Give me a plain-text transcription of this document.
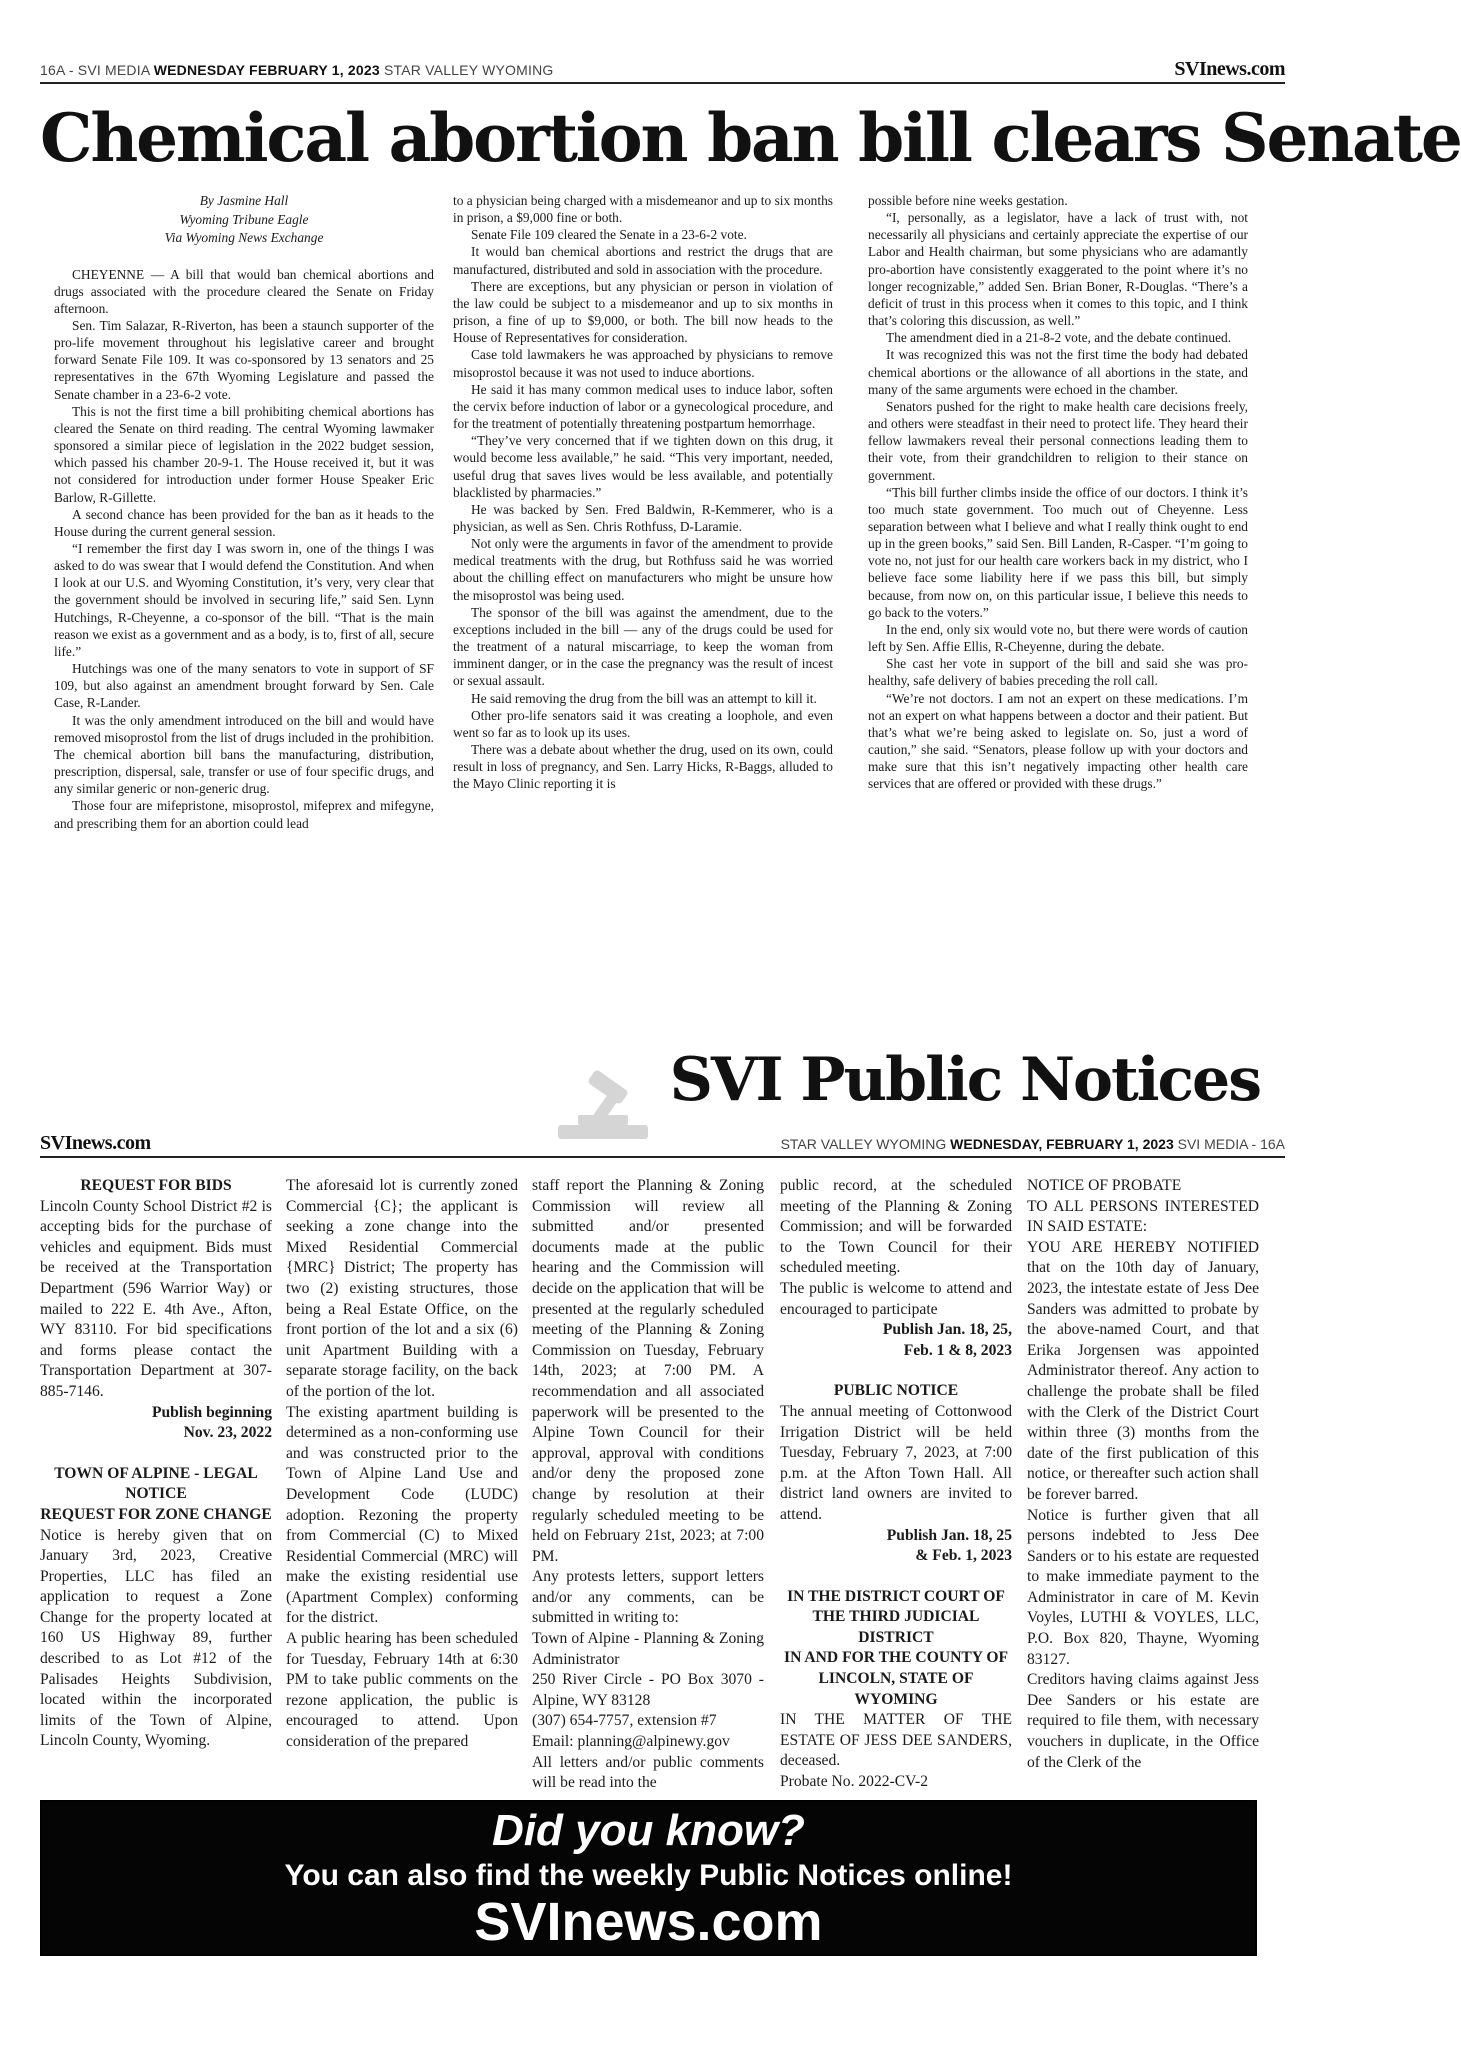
16A - SVI MEDIA WEDNESDAY FEBRUARY 1, 2023 STAR VALLEY WYOMING	SVInews.com
Chemical abortion ban bill clears Senate
By Jasmine Hall
Wyoming Tribune Eagle
Via Wyoming News Exchange

CHEYENNE — A bill that would ban chemical abortions and drugs associated with the procedure cleared the Senate on Friday afternoon.

Sen. Tim Salazar, R-Riverton, has been a staunch supporter of the pro-life movement throughout his legislative career and brought forward Senate File 109. It was co-sponsored by 13 senators and 25 representatives in the 67th Wyoming Legislature and passed the Senate chamber in a 23-6-2 vote.

This is not the first time a bill prohibiting chemical abortions has cleared the Senate on third reading. The central Wyoming lawmaker sponsored a similar piece of legislation in the 2022 budget session, which passed his chamber 20-9-1. The House received it, but it was not considered for introduction under former House Speaker Eric Barlow, R-Gillette.

A second chance has been provided for the ban as it heads to the House during the current general session.

“I remember the first day I was sworn in, one of the things I was asked to do was swear that I would defend the Constitution. And when I look at our U.S. and Wyoming Constitution, it’s very, very clear that the government should be involved in securing life,” said Sen. Lynn Hutchings, R-Cheyenne, a co-sponsor of the bill. “That is the main reason we exist as a government and as a body, is to, first of all, secure life.”

Hutchings was one of the many senators to vote in support of SF 109, but also against an amendment brought forward by Sen. Cale Case, R-Lander.

It was the only amendment introduced on the bill and would have removed misoprostol from the list of drugs included in the prohibition. The chemical abortion bill bans the manufacturing, distribution, prescription, dispersal, sale, transfer or use of four specific drugs, and any similar generic or non-generic drug.

Those four are mifepristone, misoprostol, mifeprex and mifegyne, and prescribing them for an abortion could lead

to a physician being charged with a misdemeanor and up to six months in prison, a $9,000 fine or both.

Senate File 109 cleared the Senate in a 23-6-2 vote.

It would ban chemical abortions and restrict the drugs that are manufactured, distributed and sold in association with the procedure.

There are exceptions, but any physician or person in violation of the law could be subject to a misdemeanor and up to six months in prison, a fine of up to $9,000, or both. The bill now heads to the House of Representatives for consideration.

Case told lawmakers he was approached by physicians to remove misoprostol because it was not used to induce abortions.

He said it has many common medical uses to induce labor, soften the cervix before induction of labor or a gynecological procedure, and for the treatment of potentially threatening postpartum hemorrhage.

“They’ve very concerned that if we tighten down on this drug, it would become less available,” he said. “This very important, needed, useful drug that saves lives would be less available, and potentially blacklisted by pharmacies.”

He was backed by Sen. Fred Baldwin, R-Kemmerer, who is a physician, as well as Sen. Chris Rothfuss, D-Laramie.

Not only were the arguments in favor of the amendment to provide medical treatments with the drug, but Rothfuss said he was worried about the chilling effect on manufacturers who might be unsure how the misoprostol was being used.

The sponsor of the bill was against the amendment, due to the exceptions included in the bill — any of the drugs could be used for the treatment of a natural miscarriage, to keep the woman from imminent danger, or in the case the pregnancy was the result of incest or sexual assault.

He said removing the drug from the bill was an attempt to kill it.

Other pro-life senators said it was creating a loophole, and even went so far as to look up its uses.

There was a debate about whether the drug, used on its own, could result in loss of pregnancy, and Sen. Larry Hicks, R-Baggs, alluded to the Mayo Clinic reporting it is

possible before nine weeks gestation.

“I, personally, as a legislator, have a lack of trust with, not necessarily all physicians and certainly appreciate the expertise of our Labor and Health chairman, but some physicians who are adamantly pro-abortion have consistently exaggerated to the point where it’s no longer recognizable,” added Sen. Brian Boner, R-Douglas. “There’s a deficit of trust in this process when it comes to this topic, and I think that’s coloring this discussion, as well.”

The amendment died in a 21-8-2 vote, and the debate continued.

It was recognized this was not the first time the body had debated chemical abortions or the allowance of all abortions in the state, and many of the same arguments were echoed in the chamber.

Senators pushed for the right to make health care decisions freely, and others were steadfast in their need to protect life. They heard their fellow lawmakers reveal their personal connections leading them to their vote, from their grandchildren to religion to their stance on government.

“This bill further climbs inside the office of our doctors. I think it’s too much state government. Too much out of Cheyenne. Less separation between what I believe and what I really think ought to end up in the green books,” said Sen. Bill Landen, R-Casper. “I’m going to vote no, not just for our health care workers back in my district, who I believe face some liability here if we pass this bill, but simply because, from now on, on this particular issue, I believe this needs to go back to the voters.”

In the end, only six would vote no, but there were words of caution left by Sen. Affie Ellis, R-Cheyenne, during the debate.

She cast her vote in support of the bill and said she was pro-healthy, safe delivery of babies preceding the roll call.

“We’re not doctors. I am not an expert on these medications. I’m not an expert on what happens between a doctor and their patient. But that’s what we’re being asked to legislate on. So, just a word of caution,” she said. “Senators, please follow up with your doctors and make sure that this isn’t negatively impacting other health care services that are offered or provided with these drugs.”

SVI Public Notices
SVInews.com	STAR VALLEY WYOMING WEDNESDAY, FEBRUARY 1, 2023 SVI MEDIA - 16A

REQUEST FOR BIDS

Lincoln County School District #2 is accepting bids for the purchase of vehicles and equipment. Bids must be received at the Transportation Department (596 Warrior Way) or mailed to 222 E. 4th Ave., Afton, WY 83110. For bid specifications and forms please contact the Transportation Department at 307-885-7146.

Publish beginning

Nov. 23, 2022

TOWN OF ALPINE - LEGAL NOTICE

REQUEST FOR ZONE CHANGE

Notice is hereby given that on January 3rd, 2023, Creative Properties, LLC has filed an application to request a Zone Change for the property located at 160 US Highway 89, further described to as Lot #12 of the Palisades Heights Subdivision, located within the incorporated limits of the Town of Alpine, Lincoln County, Wyoming.

The aforesaid lot is currently zoned Commercial {C}; the applicant is seeking a zone change into the Mixed Residential Commercial {MRC} District; The property has two (2) existing structures, those being a Real Estate Office, on the front portion of the lot and a six (6) unit Apartment Building with a separate storage facility, on the back of the portion of the lot.

The existing apartment building is determined as a non-conforming use and was constructed prior to the Town of Alpine Land Use and Development Code (LUDC) adoption. Rezoning the property from Commercial (C) to Mixed Residential Commercial (MRC) will make the existing residential use (Apartment Complex) conforming for the district.

A public hearing has been scheduled for Tuesday, February 14th at 6:30 PM to take public comments on the rezone application, the public is encouraged to attend. Upon consideration of the prepared

staff report the Planning & Zoning Commission will review all submitted and/or presented documents made at the public hearing and the Commission will decide on the application that will be presented at the regularly scheduled meeting of the Planning & Zoning Commission on Tuesday, February 14th, 2023; at 7:00 PM. A recommendation and all associated paperwork will be presented to the Alpine Town Council for their approval, approval with conditions and/or deny the proposed zone change by resolution at their regularly scheduled meeting to be held on February 21st, 2023; at 7:00 PM.

Any protests letters, support letters and/or any comments, can be submitted in writing to:

Town of Alpine - Planning & Zoning Administrator

250 River Circle - PO Box 3070 - Alpine, WY 83128

(307) 654-7757, extension #7

Email: planning@alpinewy.gov

All letters and/or public comments will be read into the

public record, at the scheduled meeting of the Planning & Zoning Commission; and will be forwarded to the Town Council for their scheduled meeting.

The public is welcome to attend and encouraged to participate

Publish Jan. 18, 25,

Feb. 1 & 8, 2023

PUBLIC NOTICE

The annual meeting of Cottonwood Irrigation District will be held Tuesday, February 7, 2023, at 7:00 p.m. at the Afton Town Hall. All district land owners are invited to attend.

Publish Jan. 18, 25

& Feb. 1, 2023

IN THE DISTRICT COURT OF THE THIRD JUDICIAL DISTRICT

IN AND FOR THE COUNTY OF LINCOLN, STATE OF WYOMING

IN THE MATTER OF THE ESTATE OF JESS DEE SANDERS, deceased.

Probate No. 2022-CV-2

NOTICE OF PROBATE

TO ALL PERSONS INTERESTED IN SAID ESTATE:

YOU ARE HEREBY NOTIFIED that on the 10th day of January, 2023, the intestate estate of Jess Dee Sanders was admitted to probate by the above-named Court, and that Erika Jorgensen was appointed Administrator thereof. Any action to challenge the probate shall be filed with the Clerk of the District Court within three (3) months from the date of the first publication of this notice, or thereafter such action shall be forever barred.

Notice is further given that all persons indebted to Jess Dee Sanders or to his estate are requested to make immediate payment to the Administrator in care of M. Kevin Voyles, LUTHI & VOYLES, LLC, P.O. Box 820, Thayne, Wyoming 83127.

Creditors having claims against Jess Dee Sanders or his estate are required to file them, with necessary vouchers in duplicate, in the Office of the Clerk of the

Did you know?
You can also find the weekly Public Notices online!
SVInews.com
